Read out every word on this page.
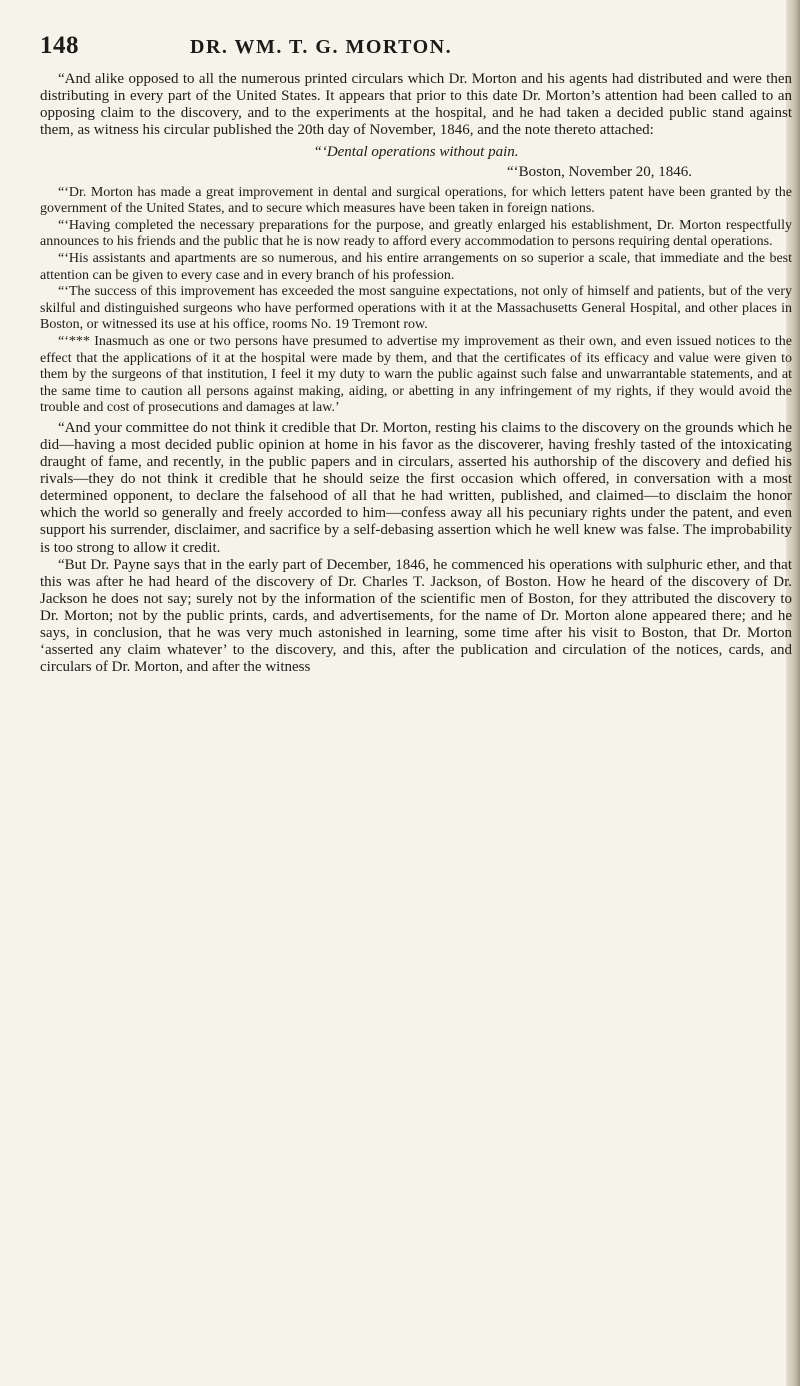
148	DR. WM. T. G. MORTON.

“And alike opposed to all the numerous printed circulars which Dr. Morton and his agents had distributed and were then distributing in every part of the United States. It appears that prior to this date Dr. Morton’s attention had been called to an opposing claim to the discovery, and to the experiments at the hospital, and he had taken a decided public stand against them, as witness his circular published the 20th day of November, 1846, and the note thereto attached:

“‘Dental operations without pain.

“‘Boston, November 20, 1846.

“‘Dr. Morton has made a great improvement in dental and surgical operations, for which letters patent have been granted by the government of the United States, and to secure which measures have been taken in foreign nations.

“‘Having completed the necessary preparations for the purpose, and greatly enlarged his establishment, Dr. Morton respectfully announces to his friends and the public that he is now ready to afford every accommodation to persons requiring dental operations.

“‘His assistants and apartments are so numerous, and his entire arrangements on so superior a scale, that immediate and the best attention can be given to every case and in every branch of his profession.

“‘The success of this improvement has exceeded the most sanguine expectations, not only of himself and patients, but of the very skilful and distinguished surgeons who have performed operations with it at the Massachusetts General Hospital, and other places in Boston, or witnessed its use at his office, rooms No. 19 Tremont row.

“‘*** Inasmuch as one or two persons have presumed to advertise my improvement as their own, and even issued notices to the effect that the applications of it at the hospital were made by them, and that the certificates of its efficacy and value were given to them by the surgeons of that institution, I feel it my duty to warn the public against such false and unwarrantable statements, and at the same time to caution all persons against making, aiding, or abetting in any infringement of my rights, if they would avoid the trouble and cost of prosecutions and damages at law.’

“And your committee do not think it credible that Dr. Morton, resting his claims to the discovery on the grounds which he did—having a most decided public opinion at home in his favor as the discoverer, having freshly tasted of the intoxicating draught of fame, and recently, in the public papers and in circulars, asserted his authorship of the discovery and defied his rivals—they do not think it credible that he should seize the first occasion which offered, in conversation with a most determined opponent, to declare the falsehood of all that he had written, published, and claimed—to disclaim the honor which the world so generally and freely accorded to him—confess away all his pecuniary rights under the patent, and even support his surrender, disclaimer, and sacrifice by a self-debasing assertion which he well knew was false. The improbability is too strong to allow it credit.

“But Dr. Payne says that in the early part of December, 1846, he commenced his operations with sulphuric ether, and that this was after he had heard of the discovery of Dr. Charles T. Jackson, of Boston. How he heard of the discovery of Dr. Jackson he does not say; surely not by the information of the scientific men of Boston, for they attributed the discovery to Dr. Morton; not by the public prints, cards, and advertisements, for the name of Dr. Morton alone appeared there; and he says, in conclusion, that he was very much astonished in learning, some time after his visit to Boston, that Dr. Morton ‘asserted any claim whatever’ to the discovery, and this, after the publication and circulation of the notices, cards, and circulars of Dr. Morton, and after the witness
